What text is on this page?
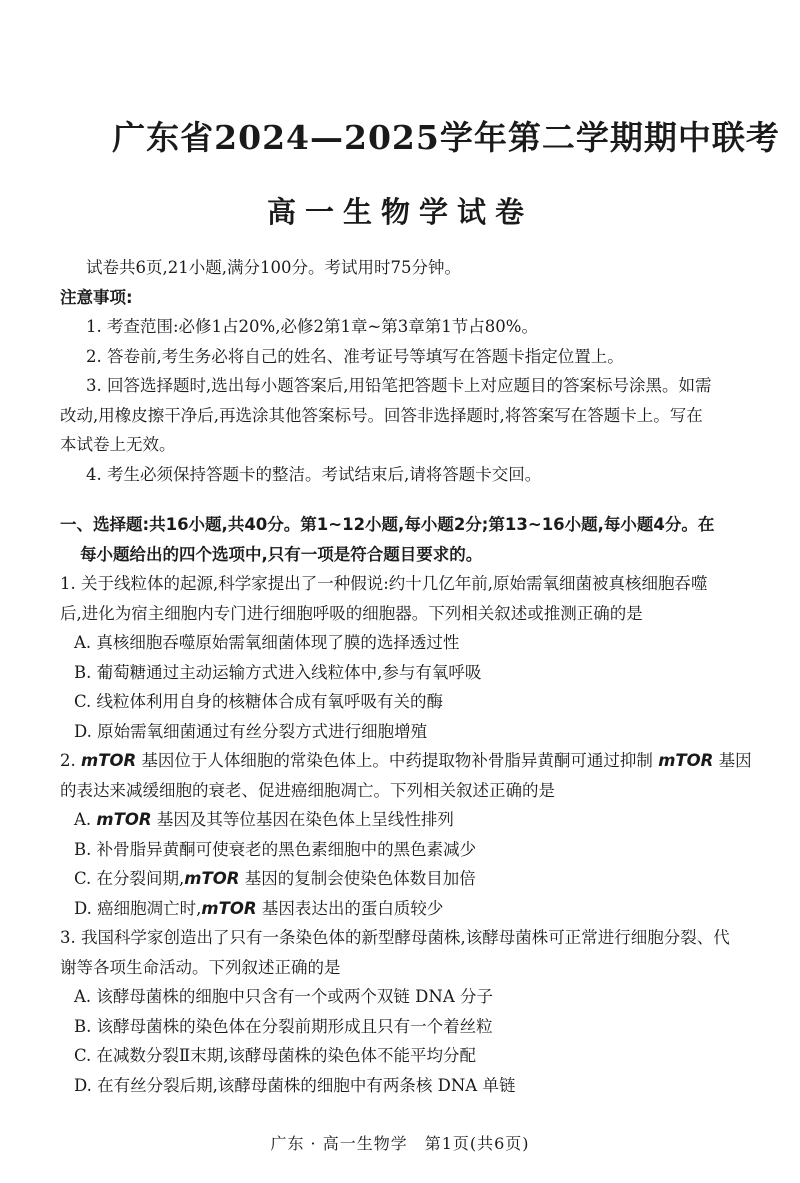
广东省2024—2025学年第二学期期中联考
高一生物学试卷
试卷共6页,21小题,满分100分。考试用时75分钟。
注意事项:
1. 考查范围:必修1占20%,必修2第1章~第3章第1节占80%。
2. 答卷前,考生务必将自己的姓名、准考证号等填写在答题卡指定位置上。
3. 回答选择题时,选出每小题答案后,用铅笔把答题卡上对应题目的答案标号涂黑。如需
改动,用橡皮擦干净后,再选涂其他答案标号。回答非选择题时,将答案写在答题卡上。写在
本试卷上无效。
4. 考生必须保持答题卡的整洁。考试结束后,请将答题卡交回。
一、选择题:共16小题,共40分。第1~12小题,每小题2分;第13~16小题,每小题4分。在
每小题给出的四个选项中,只有一项是符合题目要求的。
1. 关于线粒体的起源,科学家提出了一种假说:约十几亿年前,原始需氧细菌被真核细胞吞噬
后,进化为宿主细胞内专门进行细胞呼吸的细胞器。下列相关叙述或推测正确的是
A. 真核细胞吞噬原始需氧细菌体现了膜的选择透过性
B. 葡萄糖通过主动运输方式进入线粒体中,参与有氧呼吸
C. 线粒体利用自身的核糖体合成有氧呼吸有关的酶
D. 原始需氧细菌通过有丝分裂方式进行细胞增殖
2. mTOR 基因位于人体细胞的常染色体上。中药提取物补骨脂异黄酮可通过抑制 mTOR 基因
的表达来减缓细胞的衰老、促进癌细胞凋亡。下列相关叙述正确的是
A. mTOR 基因及其等位基因在染色体上呈线性排列
B. 补骨脂异黄酮可使衰老的黑色素细胞中的黑色素减少
C. 在分裂间期,mTOR 基因的复制会使染色体数目加倍
D. 癌细胞凋亡时,mTOR 基因表达出的蛋白质较少
3. 我国科学家创造出了只有一条染色体的新型酵母菌株,该酵母菌株可正常进行细胞分裂、代
谢等各项生命活动。下列叙述正确的是
A. 该酵母菌株的细胞中只含有一个或两个双链 DNA 分子
B. 该酵母菌株的染色体在分裂前期形成且只有一个着丝粒
C. 在减数分裂Ⅱ末期,该酵母菌株的染色体不能平均分配
D. 在有丝分裂后期,该酵母菌株的细胞中有两条核 DNA 单链
广东 · 高一生物学　第1页(共6页)
